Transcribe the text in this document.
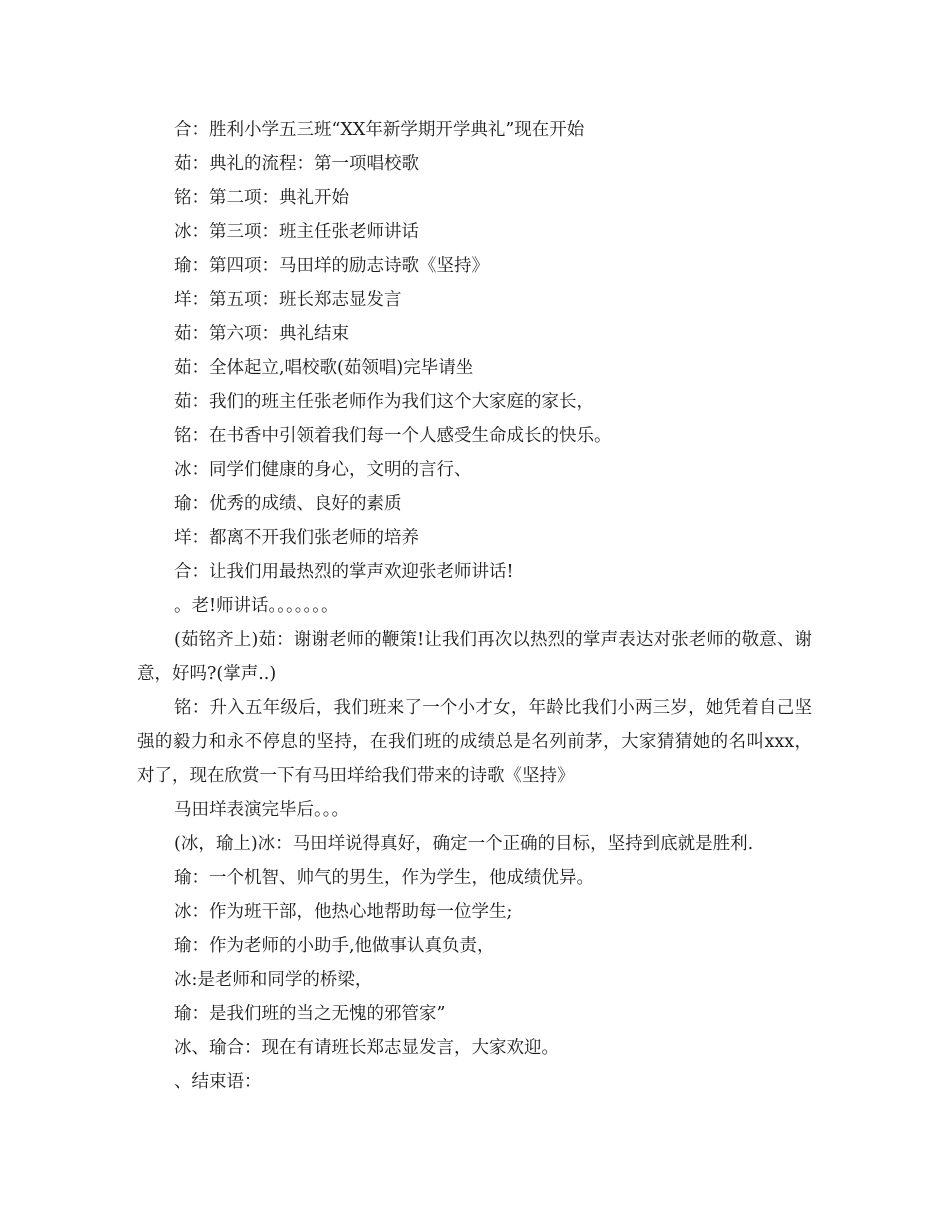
合：胜利小学五三班“XX年新学期开学典礼”现在开始

茹：典礼的流程：第一项唱校歌

铭：第二项：典礼开始

冰：第三项：班主任张老师讲话

瑜：第四项：马田垟的励志诗歌《坚持》

垟：第五项：班长郑志显发言

茹：第六项：典礼结束

茹：全体起立,唱校歌(茹领唱)完毕请坐

茹：我们的班主任张老师作为我们这个大家庭的家长，

铭：在书香中引领着我们每一个人感受生命成长的快乐。

冰：同学们健康的身心，文明的言行、

瑜：优秀的成绩、良好的素质

垟：都离不开我们张老师的培养

合：让我们用最热烈的掌声欢迎张老师讲话!

。老!师讲话。。。。。。。

(茹铭齐上)茹：谢谢老师的鞭策!让我们再次以热烈的掌声表达对张老师的敬意、谢意，好吗?(掌声..)

铭：升入五年级后，我们班来了一个小才女，年龄比我们小两三岁，她凭着自己坚强的毅力和永不停息的坚持，在我们班的成绩总是名列前茅，大家猜猜她的名叫xxx，对了，现在欣赏一下有马田垟给我们带来的诗歌《坚持》

马田垟表演完毕后。。。

(冰，瑜上)冰：马田垟说得真好，确定一个正确的目标，坚持到底就是胜利.

瑜：一个机智、帅气的男生，作为学生，他成绩优异。

冰：作为班干部，他热心地帮助每一位学生;

瑜：作为老师的小助手,他做事认真负责，

冰:是老师和同学的桥梁，

瑜：是我们班的当之无愧的邪管家”

冰、瑜合：现在有请班长郑志显发言，大家欢迎。

、结束语：
